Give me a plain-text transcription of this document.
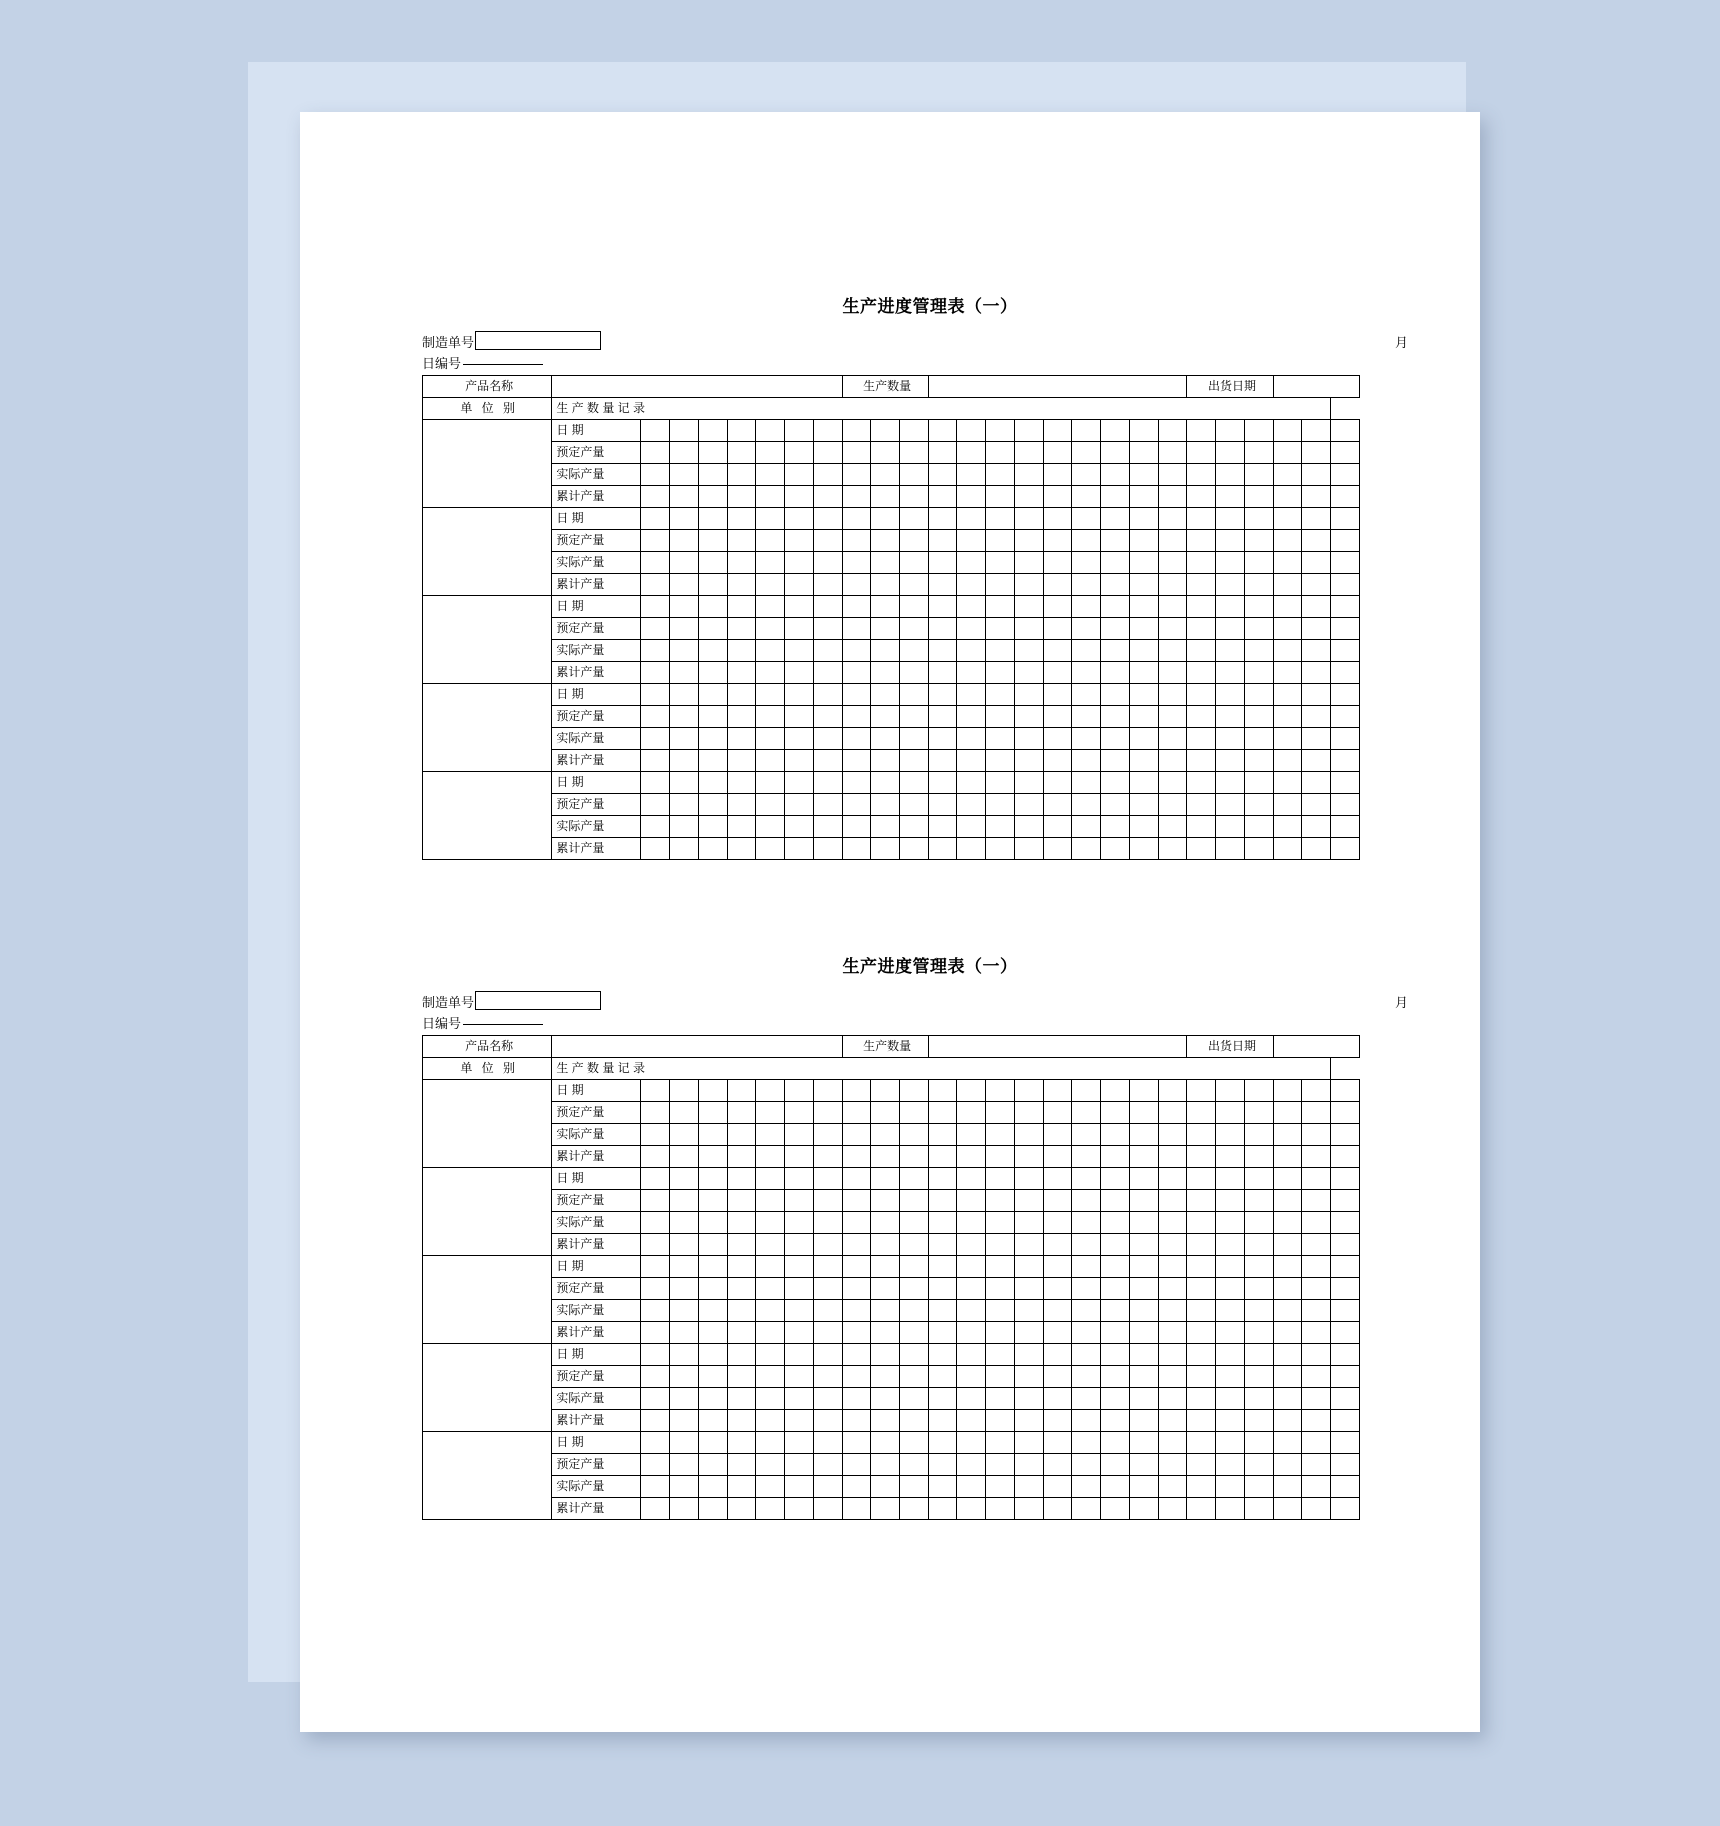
生产进度管理表（一）
制造单号
日编号
月
产品名称									生产数量												出货日期					
单 位 别	生 产 数 量 记 录																									
	日 期																									
	预定产量																									
	实际产量																									
	累计产量																									
	日 期																									
	预定产量																									
	实际产量																									
	累计产量																									
	日 期																									
	预定产量																									
	实际产量																									
	累计产量																									
	日 期																									
	预定产量																									
	实际产量																									
	累计产量																									
	日 期																									
	预定产量																									
	实际产量																									
	累计产量																									
生产进度管理表（一）
制造单号
日编号
月
产品名称									生产数量												出货日期					
单 位 别	生 产 数 量 记 录																									
	日 期																									
	预定产量																									
	实际产量																									
	累计产量																									
	日 期																									
	预定产量																									
	实际产量																									
	累计产量																									
	日 期																									
	预定产量																									
	实际产量																									
	累计产量																									
	日 期																									
	预定产量																									
	实际产量																									
	累计产量																									
	日 期																									
	预定产量																									
	实际产量																									
	累计产量																									
